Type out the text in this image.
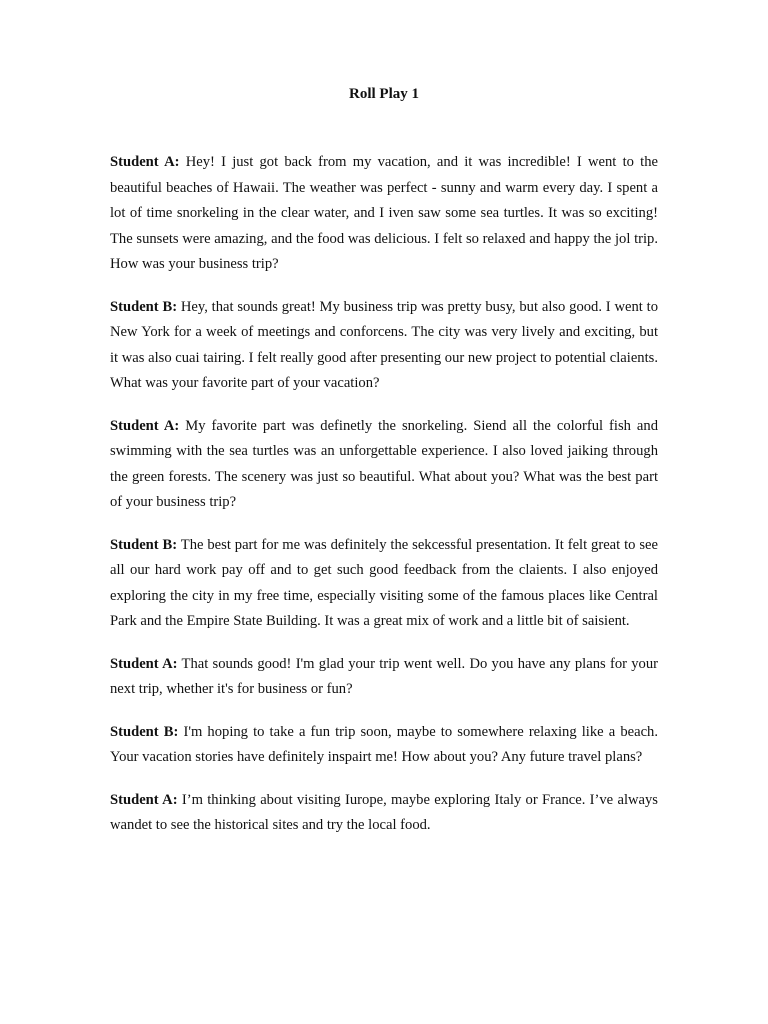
Roll Play 1

Student A: Hey! I just got back from my vacation, and it was incredible! I went to the beautiful beaches of Hawaii. The weather was perfect - sunny and warm every day. I spent a lot of time snorkeling in the clear water, and I iven saw some sea turtles. It was so exciting! The sunsets were amazing, and the food was delicious. I felt so relaxed and happy the jol trip. How was your business trip?

Student B: Hey, that sounds great! My business trip was pretty busy, but also good. I went to New York for a week of meetings and conforcens. The city was very lively and exciting, but it was also cuai tairing. I felt really good after presenting our new project to potential claients. What was your favorite part of your vacation?

Student A: My favorite part was definetly the snorkeling. Siend all the colorful fish and swimming with the sea turtles was an unforgettable experience. I also loved jaiking through the green forests. The scenery was just so beautiful. What about you? What was the best part of your business trip?

Student B: The best part for me was definitely the sekcessful presentation. It felt great to see all our hard work pay off and to get such good feedback from the claients. I also enjoyed exploring the city in my free time, especially visiting some of the famous places like Central Park and the Empire State Building. It was a great mix of work and a little bit of saisient.

Student A: That sounds good! I'm glad your trip went well. Do you have any plans for your next trip, whether it's for business or fun?

Student B: I'm hoping to take a fun trip soon, maybe to somewhere relaxing like a beach. Your vacation stories have definitely inspairt me! How about you? Any future travel plans?

Student A: I’m thinking about visiting Iurope, maybe exploring Italy or France. I’ve always wandet to see the historical sites and try the local food.
